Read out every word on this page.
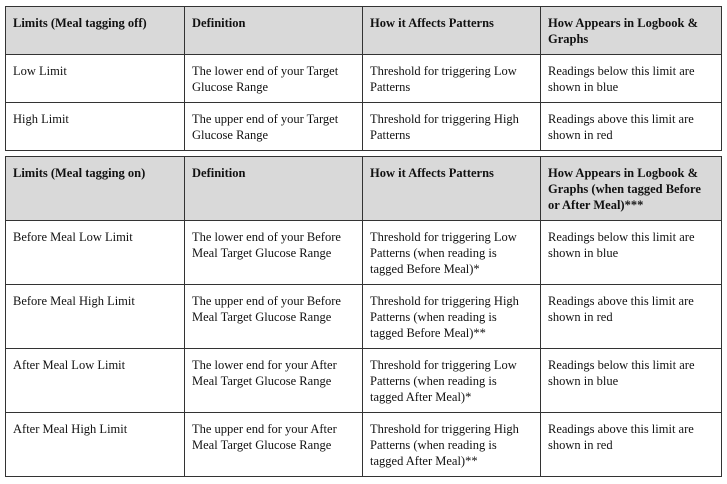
Limits (Meal tagging off)	Definition	How it Affects Patterns	How Appears in Logbook & Graphs
Low Limit	The lower end of your Target Glucose Range	Threshold for triggering Low Patterns	Readings below this limit are shown in blue
High Limit	The upper end of your Target Glucose Range	Threshold for triggering High Patterns	Readings above this limit are shown in red
Limits (Meal tagging on)	Definition	How it Affects Patterns	How Appears in Logbook & Graphs (when tagged Before or After Meal)***
Before Meal Low Limit	The lower end of your Before Meal Target Glucose Range	Threshold for triggering Low Patterns (when reading is tagged Before Meal)*	Readings below this limit are shown in blue
Before Meal High Limit	The upper end of your Before Meal Target Glucose Range	Threshold for triggering High Patterns (when reading is tagged Before Meal)**	Readings above this limit are shown in red
After Meal Low Limit	The lower end for your After Meal Target Glucose Range	Threshold for triggering Low Patterns (when reading is tagged After Meal)*	Readings below this limit are shown in blue
After Meal High Limit	The upper end for your After Meal Target Glucose Range	Threshold for triggering High Patterns (when reading is tagged After Meal)**	Readings above this limit are shown in red
